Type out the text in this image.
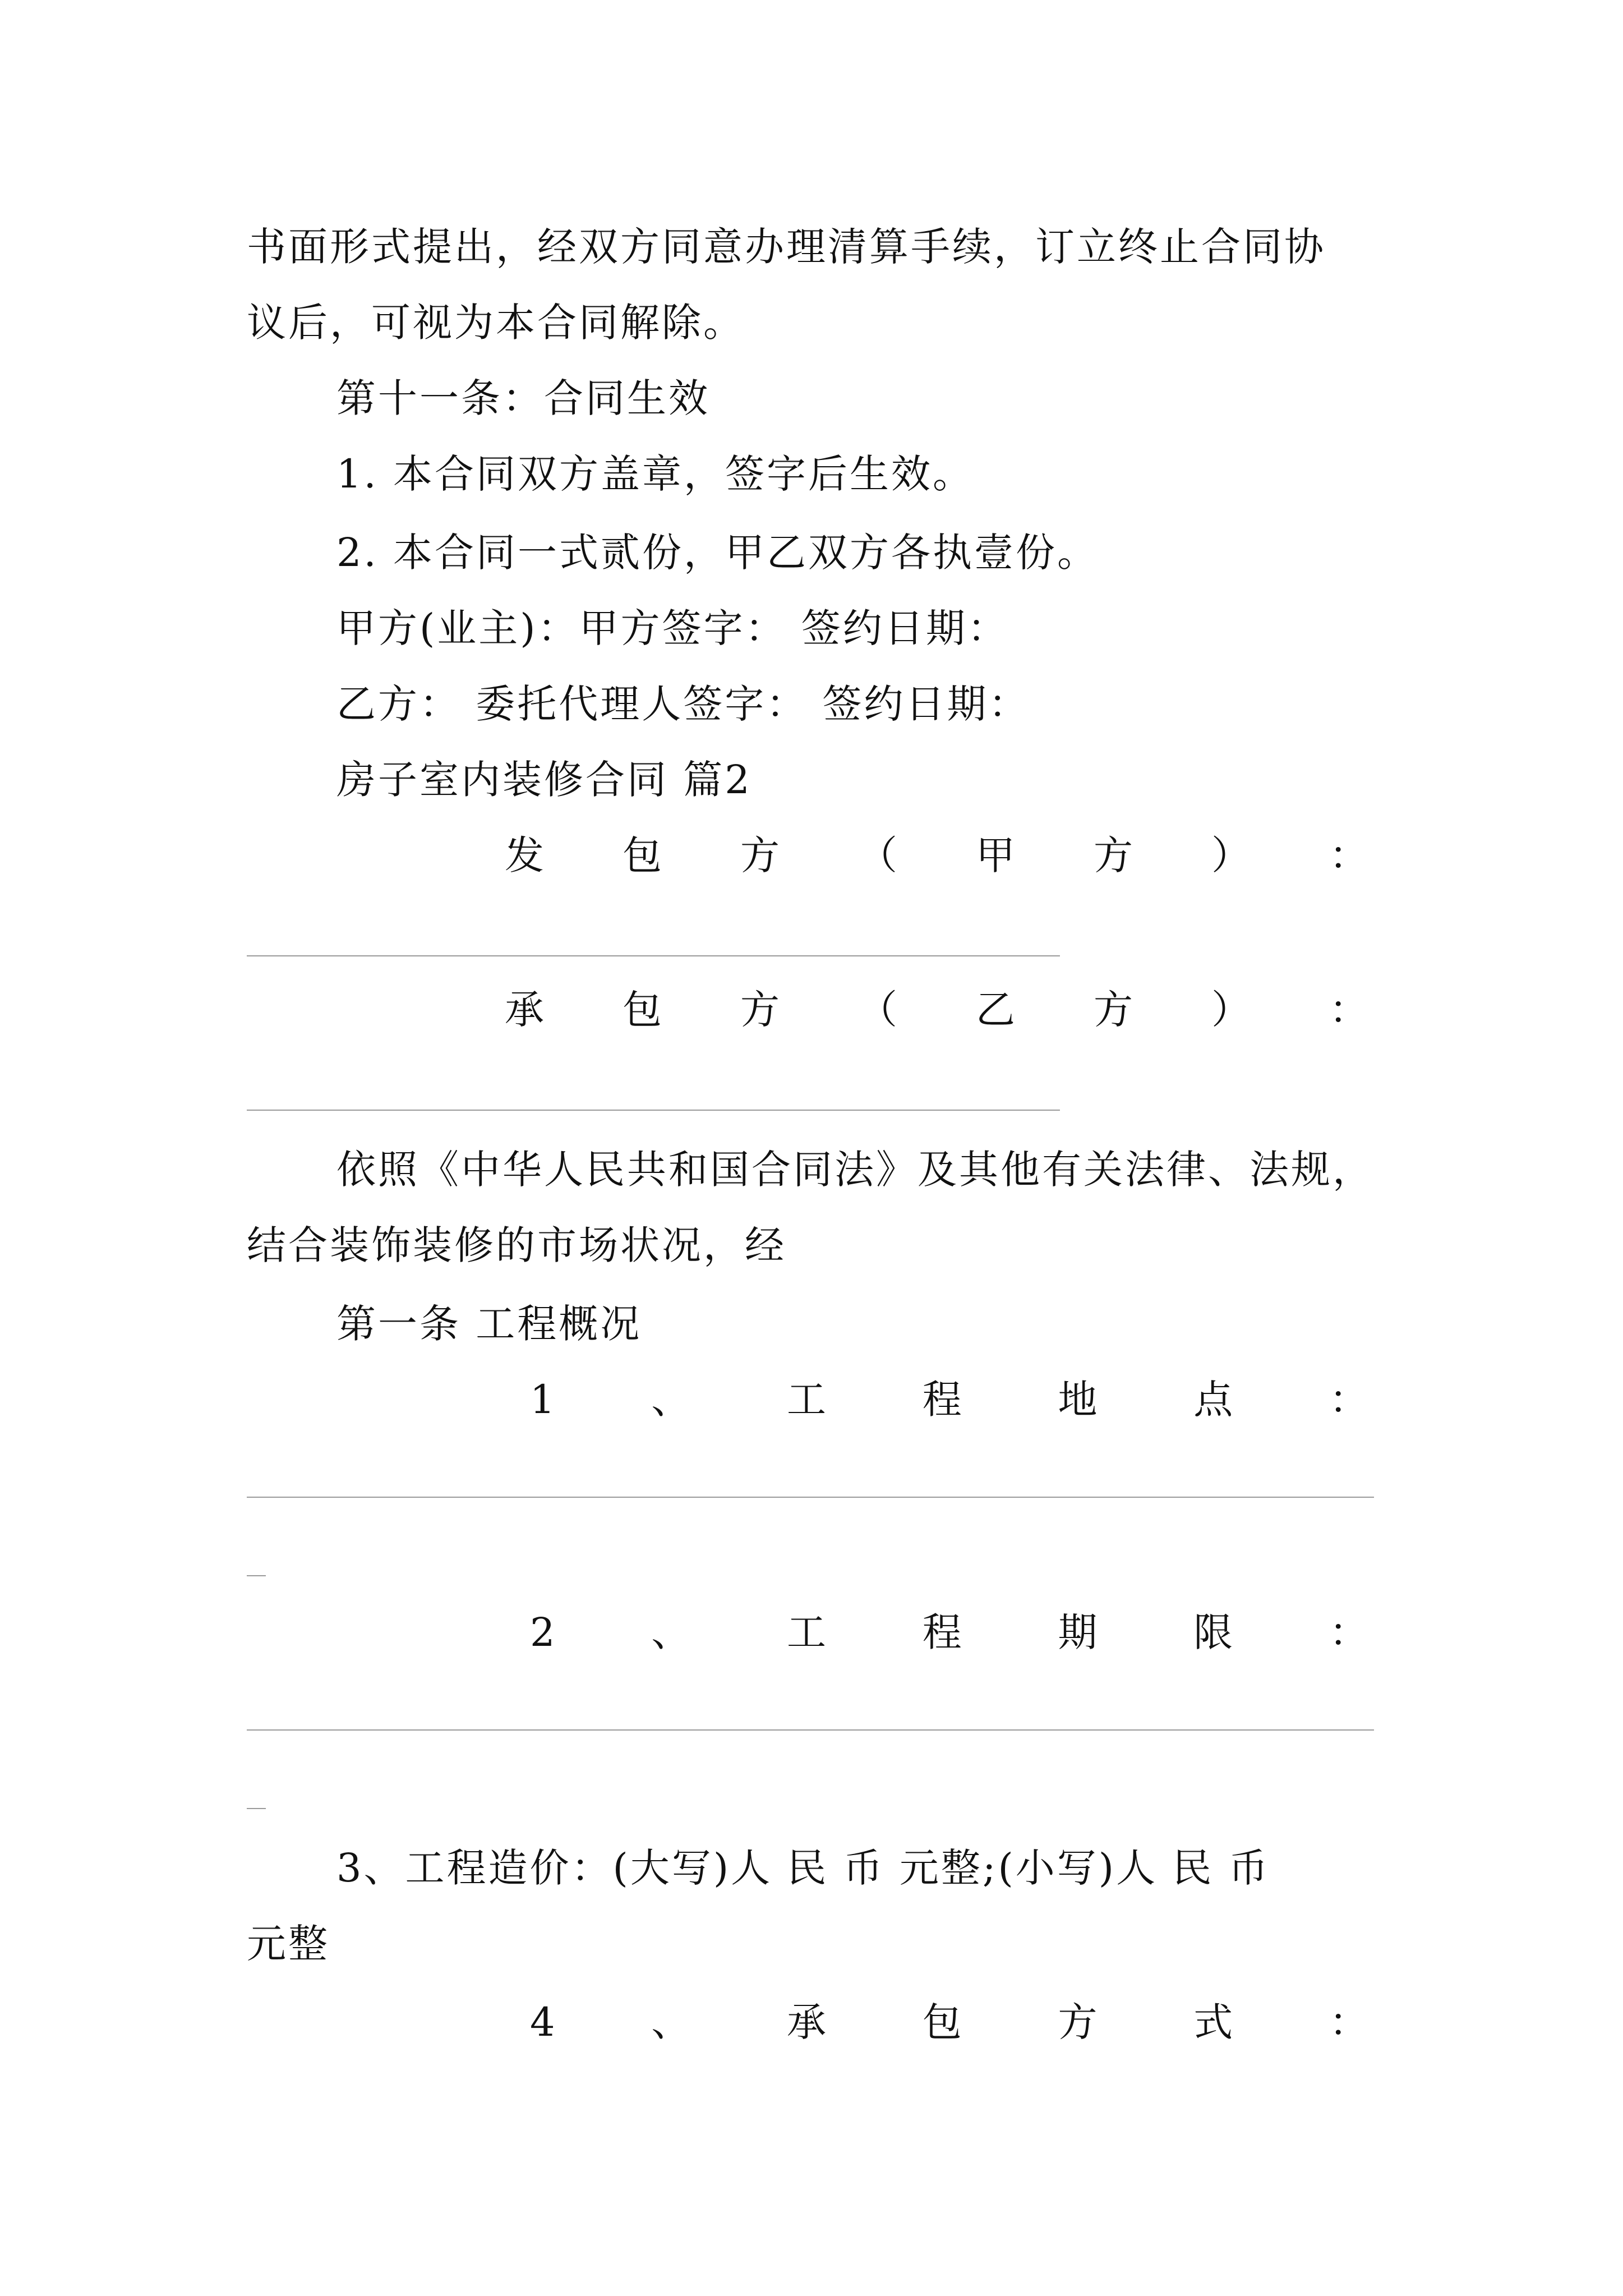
书面形式提出，经双方同意办理清算手续，订立终止合同协
议后，可视为本合同解除。
第十一条：合同生效
1. 本合同双方盖章，签字后生效。
2. 本合同一式贰份，甲乙双方各执壹份。
甲方(业主)：甲方签字： 签约日期：
乙方： 委托代理人签字： 签约日期：
房子室内装修合同 篇2
发 包 方 （ 甲 方 ） ：
承 包 方 （ 乙 方 ） ：
依照《中华人民共和国合同法》及其他有关法律、法规，
结合装饰装修的市场状况，经
第一条 工程概况
1 、 工 程 地 点 ：
2 、 工 程 期 限 ：
3、工程造价：(大写)人 民 币 元整;(小写)人 民 币
元整
4 、 承 包 方 式 ：
